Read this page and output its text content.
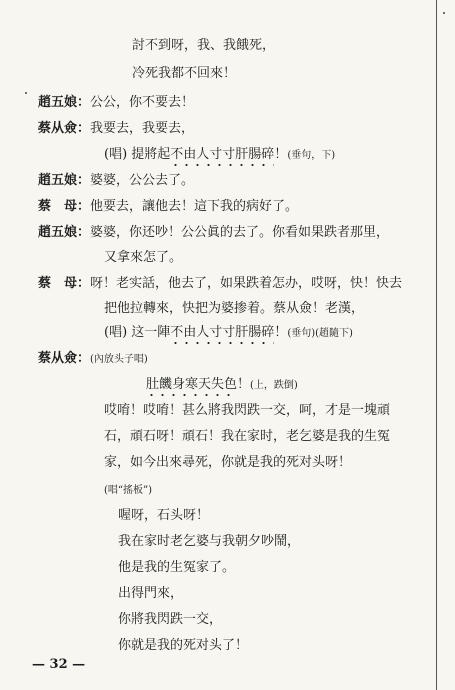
討不到呀，我、我餓死，
冷死我都不回來！
趙五娘：公公，你不要去！
蔡从僉：我要去，我要去，
(唱) 提將起不由人寸寸肝腸碎！(垂句，下)
趙五娘：婆婆，公公去了。
蔡　母：他要去，讓他去！這下我的病好了。
趙五娘：婆婆，你还吵！公公眞的去了。你看如果跌者那里，
又拿來怎了。
蔡　母：呀！老实話，他去了，如果跌着怎办，哎呀，快！快去
把他拉轉來，快把为婆掺着。蔡从僉！老漢，
(唱) 这一陣不由人寸寸肝腸碎！(垂句)(趙隨下)
蔡从僉：(內放头子唱)
肚饑身寒天失色！(上，跌倒)
哎唷！哎唷！甚么將我閃跌一交，呵，才是一塊頑
石，頑石呀！頑石！我在家时，老乞婆是我的生冤
家，如今出來尋死，你就是我的死对头呀！
(唱“搖板”)
喔呀，石头呀！
我在家时老乞婆与我朝夕吵鬧，
他是我的生冤家了。
出得門來，
你將我閃跌一交，
你就是我的死对头了！
— 32 —
